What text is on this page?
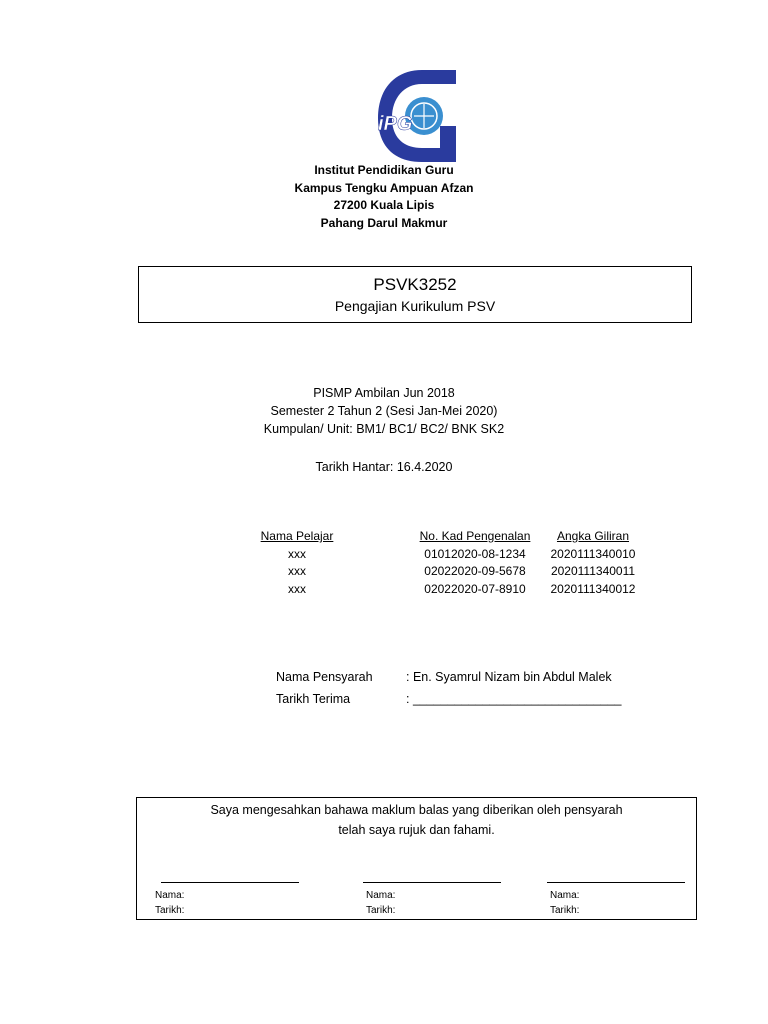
iPG
Institut Pendidikan Guru
Kampus Tengku Ampuan Afzan
27200 Kuala Lipis
Pahang Darul Makmur
PSVK3252
Pengajian Kurikulum PSV
PISMP Ambilan Jun 2018
Semester 2 Tahun 2 (Sesi Jan-Mei 2020)
Kumpulan/ Unit: BM1/ BC1/ BC2/ BNK SK2
Tarikh Hantar: 16.4.2020
Nama Pelajar
xxx
xxx
xxx
No. Kad Pengenalan
01012020-08-1234
02022020-09-5678
02022020-07-8910
Angka Giliran
2020111340010
2020111340011
2020111340012
Nama Pensyarah
Tarikh Terima
: En. Syamrul Nizam bin Abdul Malek
: ______________________________
Saya mengesahkan bahawa maklum balas yang diberikan oleh pensyarah
telah saya rujuk dan fahami.
Nama:
Tarikh:
Nama:
Tarikh:
Nama:
Tarikh:
